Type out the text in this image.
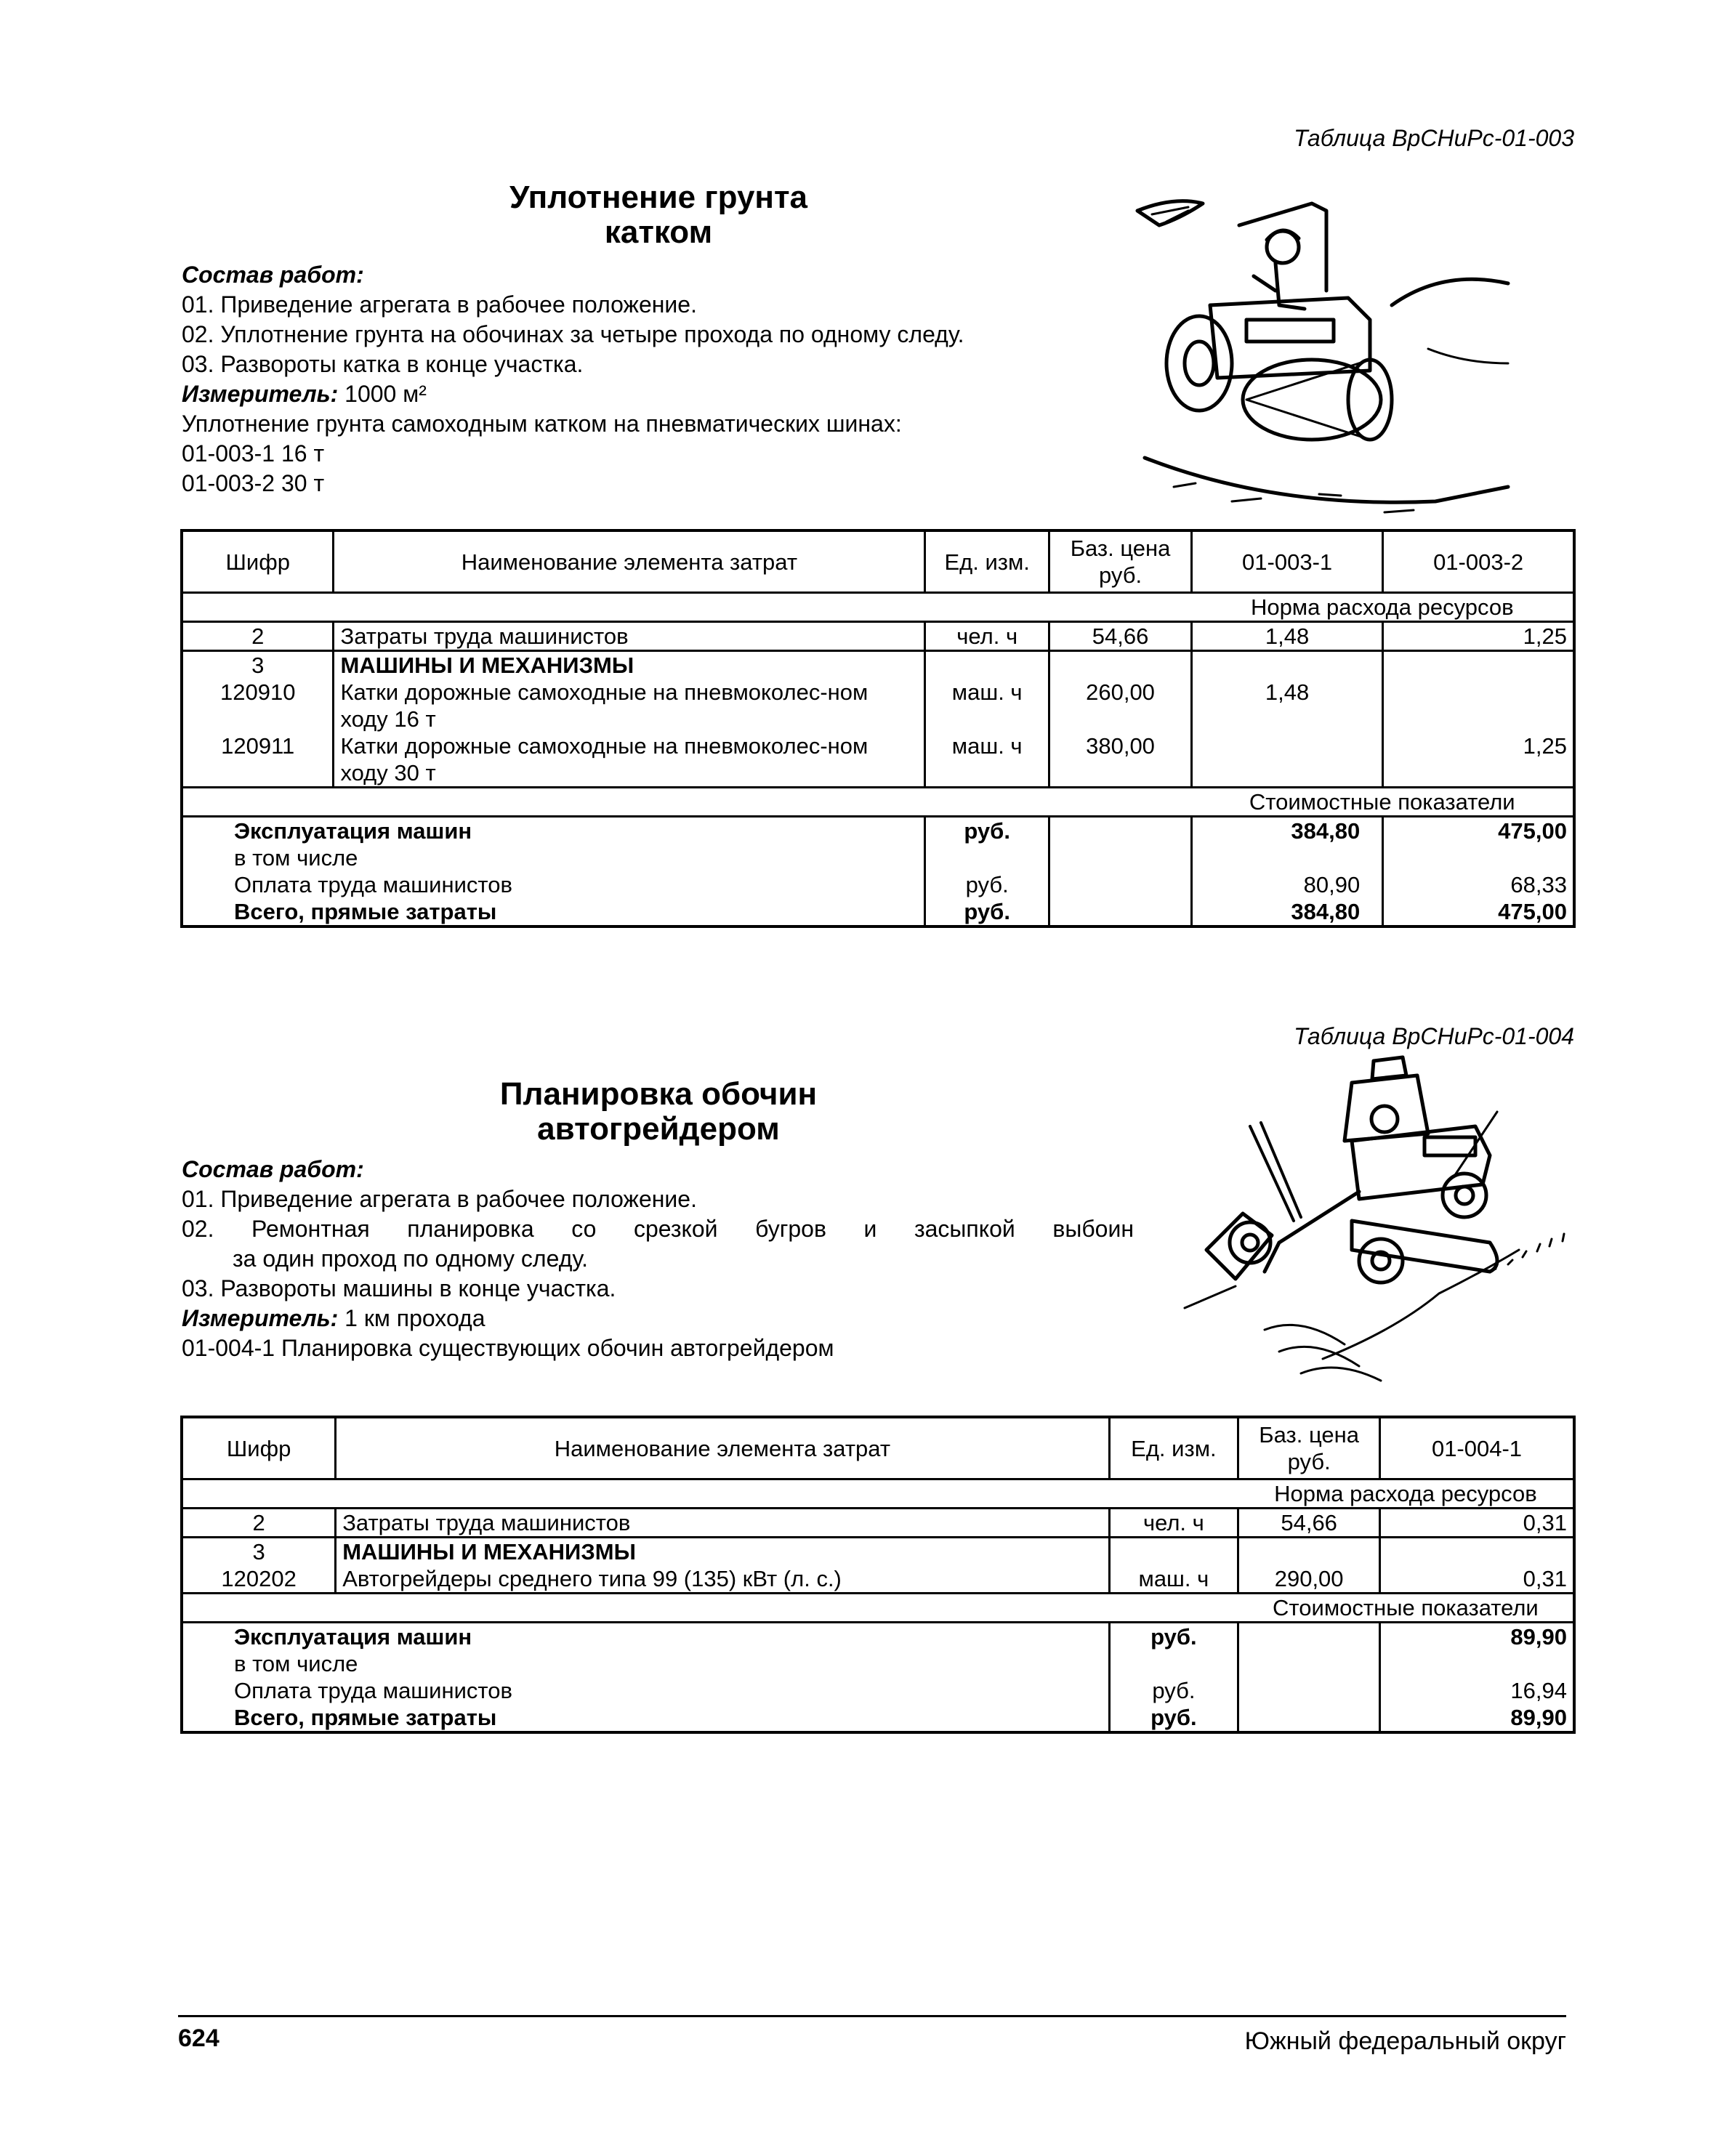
Таблица ВрСНиРс-01-003
Уплотнение грунта
катком
Состав работ:
01. Приведение агрегата в рабочее положение.
02. Уплотнение грунта на обочинах за четыре прохода по одному следу.
03. Развороты катка в конце участка.
Измеритель: 1000 м²
Уплотнение грунта самоходным катком на пневматических шинах:
01-003-1 16 т
01-003-2 30 т
Шифр	Наименование элемента затрат	Ед. изм.	Баз. цена руб.	01-003-1	01-003-2
				Норма расхода ресурсов	
2	Затраты труда машинистов	чел. ч	54,66	1,48	1,25
3	МАШИНЫ И МЕХАНИЗМЫ				
120910	Катки дорожные самоходные на пневмоколес-ном ходу 16 т	маш. ч	260,00	1,48	
120911	Катки дорожные самоходные на пневмоколес-ном ходу 30 т	маш. ч	380,00		1,25
				Стоимостные показатели	
Эксплуатация машин		руб.		384,80	475,00
в том числе					
Оплата труда машинистов		руб.		80,90	68,33
Всего, прямые затраты		руб.		384,80	475,00
Таблица ВрСНиРс-01-004
Планировка обочин
автогрейдером
Состав работ:
01. Приведение агрегата в рабочее положение.
02. Ремонтная планировка со срезкой бугров и засыпкой выбоин
за один проход по одному следу.
03. Развороты машины в конце участка.
Измеритель: 1 км прохода
01-004-1 Планировка существующих обочин автогрейдером
Шифр	Наименование элемента затрат	Ед. изм.	Баз. цена руб.	01-004-1
			Норма расхода ресурсов	
2	Затраты труда машинистов	чел. ч	54,66	0,31
3	МАШИНЫ И МЕХАНИЗМЫ			
120202	Автогрейдеры среднего типа 99 (135) кВт (л. с.)	маш. ч	290,00	0,31
			Стоимостные показатели	
Эксплуатация машин		руб.		89,90
в том числе				
Оплата труда машинистов		руб.		16,94
Всего, прямые затраты		руб.		89,90
624	Южный федеральный округ
